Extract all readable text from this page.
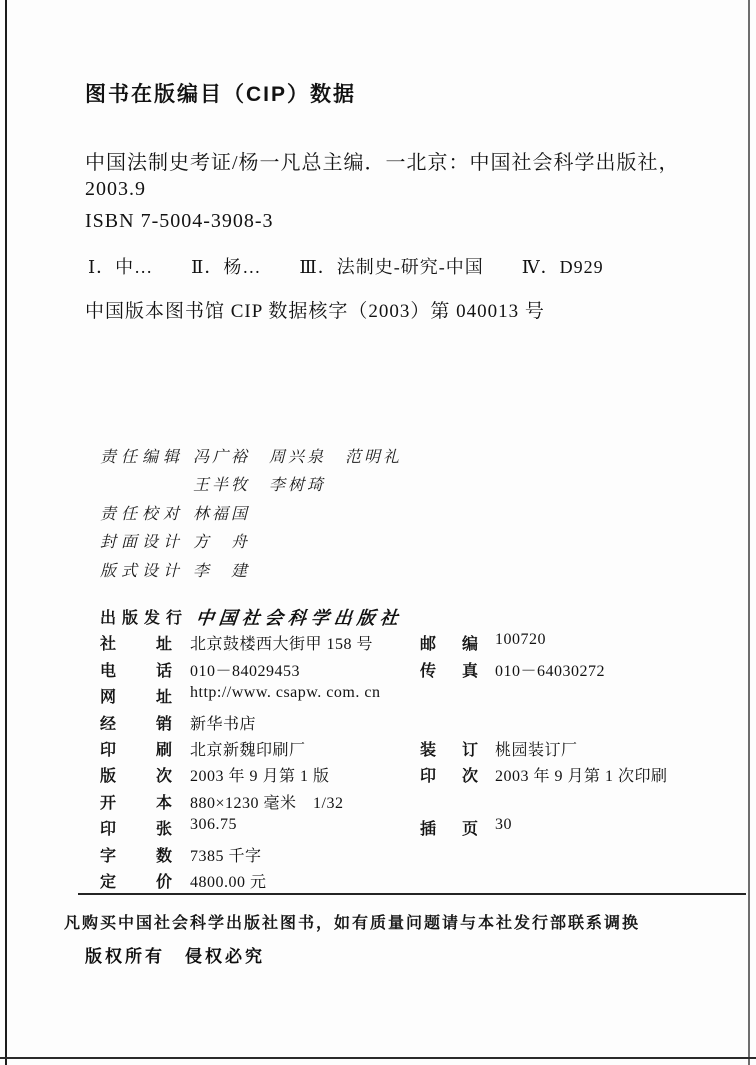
图书在版编目（CIP）数据
中国法制史考证/杨一凡总主编．一北京：中国社会科学出版社，
2003.9
ISBN 7-5004-3908-3
Ⅰ．中…　　Ⅱ．杨…　　Ⅲ．法制史-研究-中国　　Ⅳ．D929
中国版本图书馆 CIP 数据核字（2003）第 040013 号
责任编辑 冯广裕　周兴泉　范明礼
王半牧　李树琦
责任校对 林福国
封面设计 方　舟
版式设计 李　建
出版发行 中国社会科学出版社
社 址 北京鼓楼西大街甲 158 号	邮 编 100720
电 话 010－84029453	传 真 010－64030272
网 址 http://www. csapw. com. cn
经 销 新华书店
印 刷 北京新魏印刷厂	装 订 桃园装订厂
版 次 2003 年 9 月第 1 版	印 次 2003 年 9 月第 1 次印刷
开 本 880×1230 毫米　1/32
印 张 306.75	插 页 30
字 数 7385 千字
定 价 4800.00 元
凡购买中国社会科学出版社图书，如有质量问题请与本社发行部联系调换
版权所有　侵权必究
